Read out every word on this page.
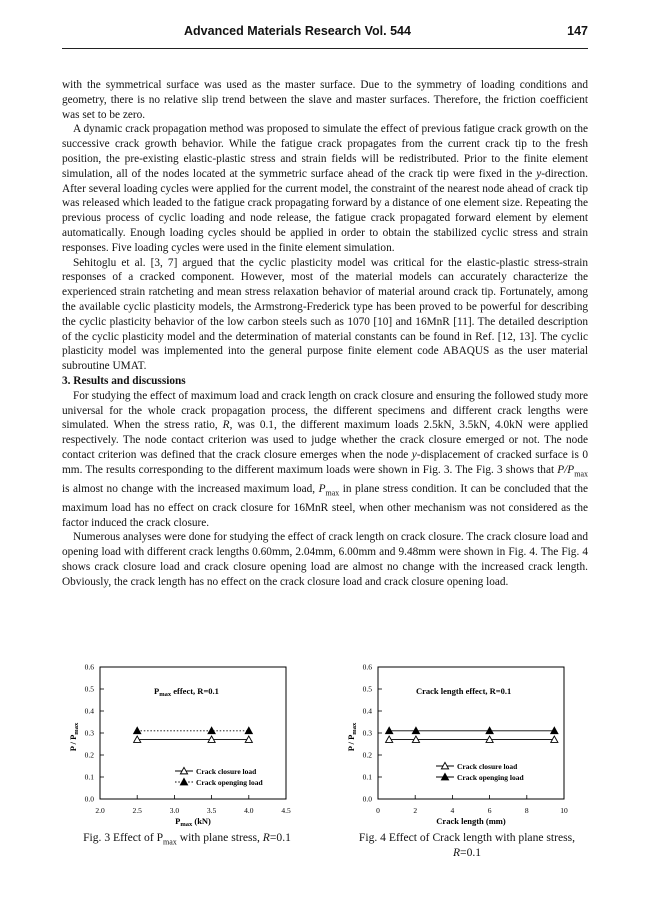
Advanced Materials Research Vol. 544	147

with the symmetrical surface was used as the master surface. Due to the symmetry of loading conditions and geometry, there is no relative slip trend between the slave and master surfaces. Therefore, the friction coefficient was set to be zero.

A dynamic crack propagation method was proposed to simulate the effect of previous fatigue crack growth on the successive crack growth behavior. While the fatigue crack propagates from the current crack tip to the fresh position, the pre-existing elastic-plastic stress and strain fields will be redistributed. Prior to the finite element simulation, all of the nodes located at the symmetric surface ahead of the crack tip were fixed in the y-direction. After several loading cycles were applied for the current model, the constraint of the nearest node ahead of crack tip was released which leaded to the fatigue crack propagating forward by a distance of one element size. Repeating the previous process of cyclic loading and node release, the fatigue crack propagated forward element by element automatically. Enough loading cycles should be applied in order to obtain the stabilized cyclic stress and strain responses. Five loading cycles were used in the finite element simulation.

Sehitoglu et al. [3, 7] argued that the cyclic plasticity model was critical for the elastic-plastic stress-strain responses of a cracked component. However, most of the material models can accurately characterize the experienced strain ratcheting and mean stress relaxation behavior of material around crack tip. Fortunately, among the available cyclic plasticity models, the Armstrong-Frederick type has been proved to be powerful for describing the cyclic plasticity behavior of the low carbon steels such as 1070 [10] and 16MnR [11]. The detailed description of the cyclic plasticity model and the determination of material constants can be found in Ref. [12, 13]. The cyclic plasticity model was implemented into the general purpose finite element code ABAQUS as the user material subroutine UMAT.

3. Results and discussions

For studying the effect of maximum load and crack length on crack closure and ensuring the followed study more universal for the whole crack propagation process, the different specimens and different crack lengths were simulated. When the stress ratio, R, was 0.1, the different maximum loads 2.5kN, 3.5kN, 4.0kN were applied respectively. The node contact criterion was used to judge whether the crack closure emerged or not. The node contact criterion was defined that the crack closure emerges when the node y-displacement of cracked surface is 0 mm. The results corresponding to the different maximum loads were shown in Fig. 3. The Fig. 3 shows that $P/P_{max}$ is almost no change with the increased maximum load, $P_{max}$ in plane stress condition. It can be concluded that the maximum load has no effect on crack closure for 16MnR steel, when other mechanism was not considered as the factor induced the crack closure.

Numerous analyses were done for studying the effect of crack length on crack closure. The crack closure load and opening load with different crack lengths 0.60mm, 2.04mm, 6.00mm and 9.48mm were shown in Fig. 4. The Fig. 4 shows crack closure load and crack closure opening load are almost no change with the increased crack length. Obviously, the crack length has no effect on the crack closure load and crack closure opening load.

0.0
0.1
0.2
0.3
0.4
0.5
0.6
2.0	2.5	3.0	3.5	4.0	4.5
$P_{max}$ effect, R=0.1
$P_{max}$ (kN)
P / $P_{max}$
Crack closure load
Crack openging load
0.0
0.1
0.2
0.3
0.4
0.5
0.6
0	2	4	6	8	10
Crack length effect, R=0.1
Crack length (mm)
P / $P_{max}$
Crack closure load
Crack openging load
Fig. 3 Effect of $P_{max}$ with plane stress, R=0.1	Fig. 4 Effect of Crack length with plane stress,
R=0.1
